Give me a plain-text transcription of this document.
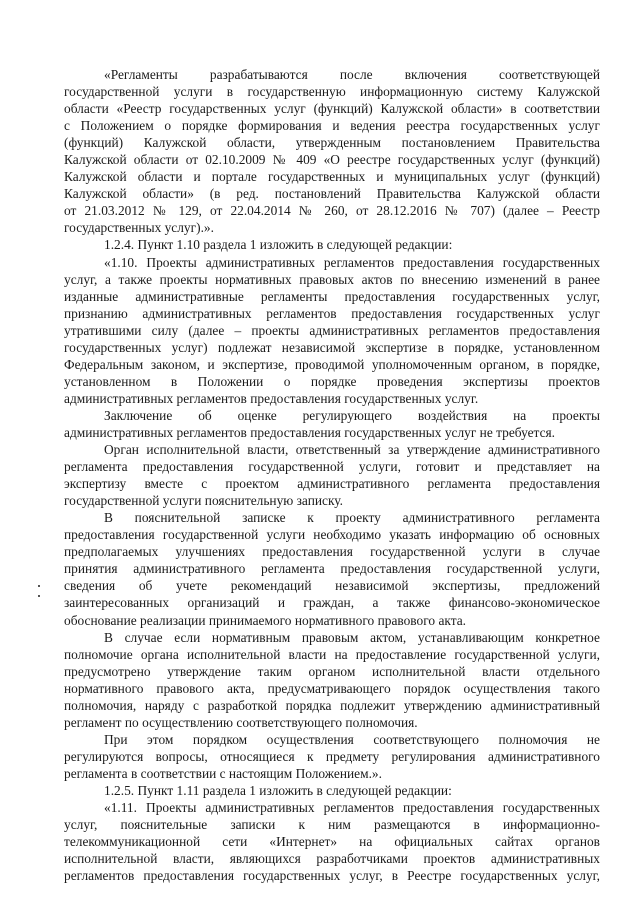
«Регламенты разрабатываются после включения соответствующей

государственной услуги в государственную информационную систему Калужской

области «Реестр государственных услуг (функций) Калужской области» в соответствии

с Положением о порядке формирования и ведения реестра государственных услуг

(функций) Калужской области, утвержденным постановлением Правительства

Калужской области от 02.10.2009 № 409 «О реестре государственных услуг (функций)

Калужской области и портале государственных и муниципальных услуг (функций)

Калужской области» (в ред. постановлений Правительства Калужской области

от 21.03.2012 № 129, от 22.04.2014 № 260, от 28.12.2016 № 707) (далее – Реестр

государственных услуг).».

1.2.4. Пункт 1.10 раздела 1 изложить в следующей редакции:

«1.10. Проекты административных регламентов предоставления государственных

услуг, а также проекты нормативных правовых актов по внесению изменений в ранее

изданные административные регламенты предоставления государственных услуг,

признанию административных регламентов предоставления государственных услуг

утратившими силу (далее – проекты административных регламентов предоставления

государственных услуг) подлежат независимой экспертизе в порядке, установленном

Федеральным законом, и экспертизе, проводимой уполномоченным органом, в порядке,

установленном в Положении о порядке проведения экспертизы проектов

административных регламентов предоставления государственных услуг.

Заключение об оценке регулирующего воздействия на проекты

административных регламентов предоставления государственных услуг не требуется.

Орган исполнительной власти, ответственный за утверждение административного

регламента предоставления государственной услуги, готовит и представляет на

экспертизу вместе с проектом административного регламента предоставления

государственной услуги пояснительную записку.

В пояснительной записке к проекту административного регламента

предоставления государственной услуги необходимо указать информацию об основных

предполагаемых улучшениях предоставления государственной услуги в случае

принятия административного регламента предоставления государственной услуги,

сведения об учете рекомендаций независимой экспертизы, предложений

заинтересованных организаций и граждан, а также финансово-экономическое

обоснование реализации принимаемого нормативного правового акта.

В случае если нормативным правовым актом, устанавливающим конкретное

полномочие органа исполнительной власти на предоставление государственной услуги,

предусмотрено утверждение таким органом исполнительной власти отдельного

нормативного правового акта, предусматривающего порядок осуществления такого

полномочия, наряду с разработкой порядка подлежит утверждению административный

регламент по осуществлению соответствующего полномочия.

При этом порядком осуществления соответствующего полномочия не

регулируются вопросы, относящиеся к предмету регулирования административного

регламента в соответствии с настоящим Положением.».

1.2.5. Пункт 1.11 раздела 1 изложить в следующей редакции:

«1.11. Проекты административных регламентов предоставления государственных

услуг, пояснительные записки к ним размещаются в информационно-

телекоммуникационной сети «Интернет» на официальных сайтах органов

исполнительной власти, являющихся разработчиками проектов административных

регламентов предоставления государственных услуг, в Реестре государственных услуг,
